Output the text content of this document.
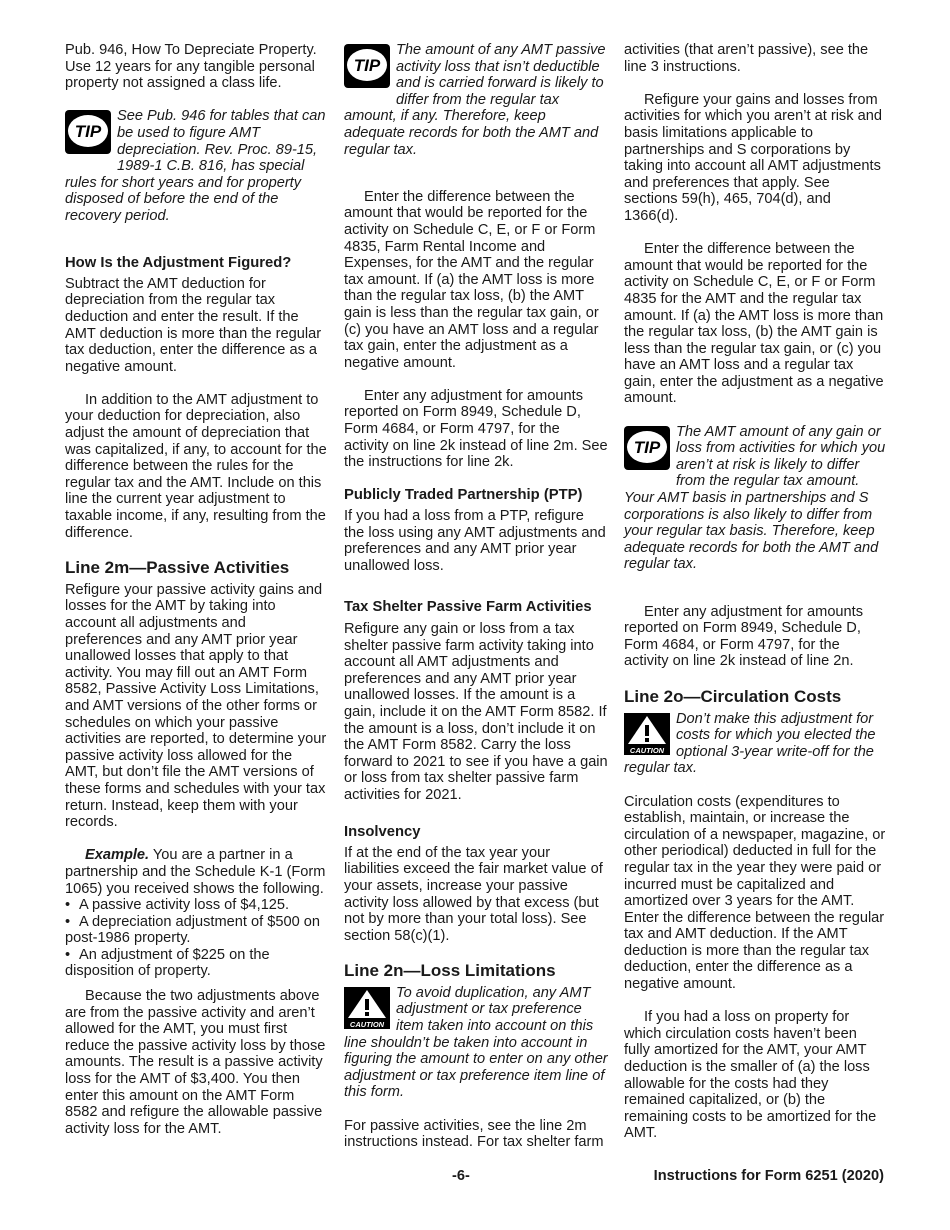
Pub. 946, How To Depreciate Property. Use 12 years for any tangible personal property not assigned a class life.

TIP
See Pub. 946 for tables that can be used to figure AMT depreciation. Rev. Proc. 89-15, 1989-1 C.B. 816, has special rules for short years and for property disposed of before the end of the recovery period.
How Is the Adjustment Figured?

Subtract the AMT deduction for depreciation from the regular tax deduction and enter the result. If the AMT deduction is more than the regular tax deduction, enter the difference as a negative amount.

In addition to the AMT adjustment to your deduction for depreciation, also adjust the amount of depreciation that was capitalized, if any, to account for the difference between the rules for the regular tax and the AMT. Include on this line the current year adjustment to taxable income, if any, resulting from the difference.

Line 2m—Passive Activities

Refigure your passive activity gains and losses for the AMT by taking into account all adjustments and preferences and any AMT prior year unallowed losses that apply to that activity. You may fill out an AMT Form 8582, Passive Activity Loss Limitations, and AMT versions of the other forms or schedules on which your passive activities are reported, to determine your passive activity loss allowed for the AMT, but don’t file the AMT versions of these forms and schedules with your tax return. Instead, keep them with your records.

Example. You are a partner in a partnership and the Schedule K-1 (Form 1065) you received shows the following.
• A passive activity loss of $4,125.
• A depreciation adjustment of $500 on post-1986 property.
• An adjustment of $225 on the disposition of property.

Because the two adjustments above are from the passive activity and aren’t allowed for the AMT, you must first reduce the passive activity loss by those amounts. The result is a passive activity loss for the AMT of $3,400. You then enter this amount on the AMT Form 8582 and refigure the allowable passive activity loss for the AMT.

TIP
The amount of any AMT passive activity loss that isn’t deductible and is carried forward is likely to differ from the regular tax amount, if any. Therefore, keep adequate records for both the AMT and regular tax.

Enter the difference between the amount that would be reported for the activity on Schedule C, E, or F or Form 4835, Farm Rental Income and Expenses, for the AMT and the regular tax amount. If (a) the AMT loss is more than the regular tax loss, (b) the AMT gain is less than the regular tax gain, or (c) you have an AMT loss and a regular tax gain, enter the adjustment as a negative amount.

Enter any adjustment for amounts reported on Form 8949, Schedule D, Form 4684, or Form 4797, for the activity on line 2k instead of line 2m. See the instructions for line 2k.

Publicly Traded Partnership (PTP)

If you had a loss from a PTP, refigure the loss using any AMT adjustments and preferences and any AMT prior year unallowed loss.

Tax Shelter Passive Farm Activities

Refigure any gain or loss from a tax shelter passive farm activity taking into account all AMT adjustments and preferences and any AMT prior year unallowed losses. If the amount is a gain, include it on the AMT Form 8582. If the amount is a loss, don’t include it on the AMT Form 8582. Carry the loss forward to 2021 to see if you have a gain or loss from tax shelter passive farm activities for 2021.

Insolvency

If at the end of the tax year your liabilities exceed the fair market value of your assets, increase your passive activity loss allowed by that excess (but not by more than your total loss). See section 58(c)(1).

Line 2n—Loss Limitations
CAUTION
To avoid duplication, any AMT adjustment or tax preference item taken into account on this line shouldn’t be taken into account in figuring the amount to enter on any other adjustment or tax preference item line of this form.

For passive activities, see the line 2m instructions instead. For tax shelter farm

activities (that aren’t passive), see the line 3 instructions.

Refigure your gains and losses from activities for which you aren’t at risk and basis limitations applicable to partnerships and S corporations by taking into account all AMT adjustments and preferences that apply. See sections 59(h), 465, 704(d), and 1366(d).

Enter the difference between the amount that would be reported for the activity on Schedule C, E, or F or Form 4835 for the AMT and the regular tax amount. If (a) the AMT loss is more than the regular tax loss, (b) the AMT gain is less than the regular tax gain, or (c) you have an AMT loss and a regular tax gain, enter the adjustment as a negative amount.

TIP
The AMT amount of any gain or loss from activities for which you aren’t at risk is likely to differ from the regular tax amount. Your AMT basis in partnerships and S corporations is also likely to differ from your regular tax basis. Therefore, keep adequate records for both the AMT and regular tax.

Enter any adjustment for amounts reported on Form 8949, Schedule D, Form 4684, or Form 4797, for the activity on line 2k instead of line 2n.

Line 2o—Circulation Costs
CAUTION
Don’t make this adjustment for costs for which you elected the optional 3-year write-off for the regular tax.

Circulation costs (expenditures to establish, maintain, or increase the circulation of a newspaper, magazine, or other periodical) deducted in full for the regular tax in the year they were paid or incurred must be capitalized and amortized over 3 years for the AMT. Enter the difference between the regular tax and AMT deduction. If the AMT deduction is more than the regular tax deduction, enter the difference as a negative amount.

If you had a loss on property for which circulation costs haven’t been fully amortized for the AMT, your AMT deduction is the smaller of (a) the loss allowable for the costs had they remained capitalized, or (b) the remaining costs to be amortized for the AMT.

-6-	Instructions for Form 6251 (2020)
